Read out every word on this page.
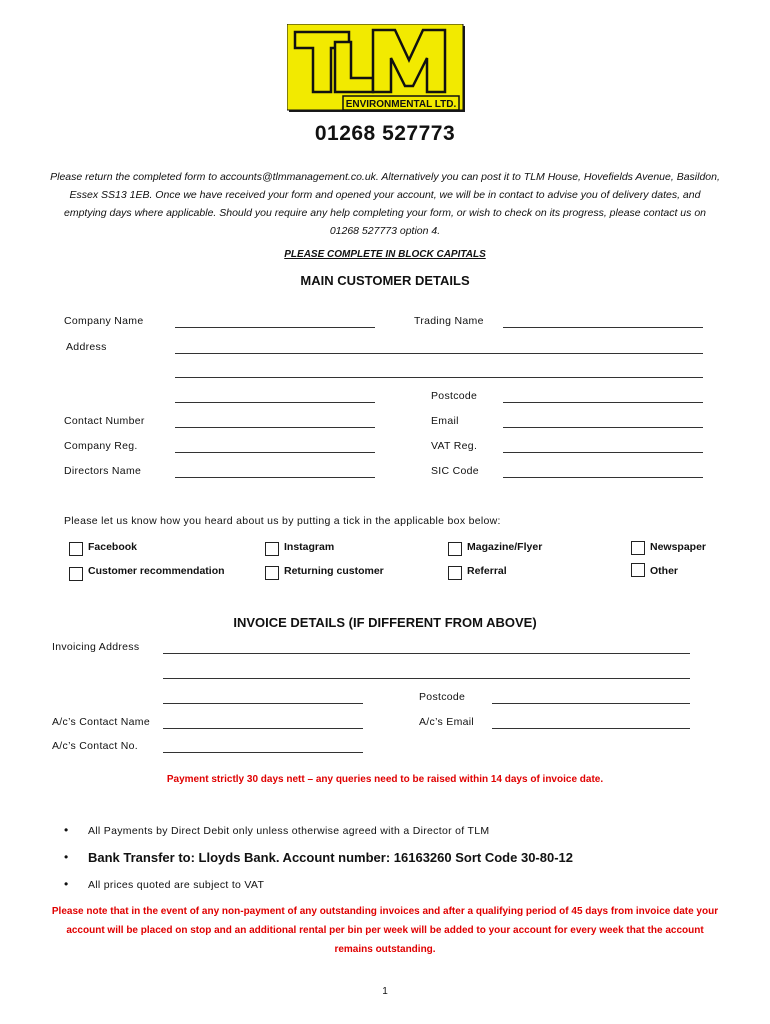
ENVIRONMENTAL LTD.
01268 527773
Please return the completed form to accounts@tlmmanagement.co.uk. Alternatively you can post it to TLM House, Hovefields Avenue, Basildon, Essex SS13 1EB. Once we have received your form and opened your account, we will be in contact to advise you of delivery dates, and emptying days where applicable. Should you require any help completing your form, or wish to check on its progress, please contact us on 01268 527773 option 4.
PLEASE COMPLETE IN BLOCK CAPITALS
MAIN CUSTOMER DETAILS
Company Name	Trading Name
Address
Postcode
Contact Number	Email
Company Reg.	VAT Reg.
Directors Name	SIC Code
Please let us know how you heard about us by putting a tick in the applicable box below:
Facebook	Instagram	Magazine/Flyer	Newspaper
Customer recommendation	Returning customer	Referral	Other
INVOICE DETAILS (IF DIFFERENT FROM ABOVE)
Invoicing Address
Postcode
A/c’s Contact Name	A/c’s Email
A/c’s Contact No.
Payment strictly 30 days nett – any queries need to be raised within 14 days of invoice date.
• All Payments by Direct Debit only unless otherwise agreed with a Director of TLM
• Bank Transfer to: Lloyds Bank. Account number: 16163260 Sort Code 30-80-12
• All prices quoted are subject to VAT
Please note that in the event of any non-payment of any outstanding invoices and after a qualifying period of 45 days from invoice date your account will be placed on stop and an additional rental per bin per week will be added to your account for every week that the account remains outstanding.
1
